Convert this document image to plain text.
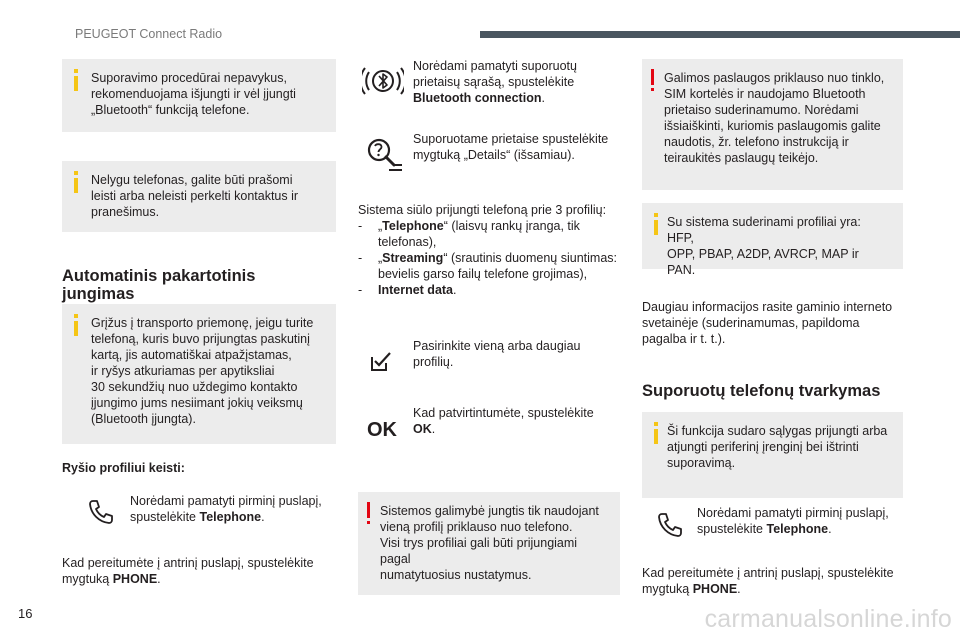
PEUGEOT Connect Radio
Suporavimo procedūrai nepavykus,
rekomenduojama išjungti ir vėl įjungti
„Bluetooth“ funkciją telefone.
Nelygu telefonas, galite būti prašomi
leisti arba neleisti perkelti kontaktus ir
pranešimus.
Automatinis pakartotinis
jungimas
Grįžus į transporto priemonę, jeigu turite
telefoną, kuris buvo prijungtas paskutinį
kartą, jis automatiškai atpažįstamas,
ir ryšys atkuriamas per apytiksliai
30 sekundžių nuo uždegimo kontakto
įjungimo jums nesiimant jokių veiksmų
(Bluetooth įjungta).
Ryšio profiliui keisti:
Norėdami pamatyti pirminį puslapį,
spustelėkite Telephone.
Kad pereitumėte į antrinį puslapį, spustelėkite
mygtuką PHONE.
Norėdami pamatyti suporuotų
prietaisų sąrašą, spustelėkite
Bluetooth connection.
Suporuotame prietaise spustelėkite
mygtuką „Details“ (išsamiau).
Sistema siūlo prijungti telefoną prie 3 profilių:
- „Telephone“ (laisvų rankų įranga, tik
telefonas),
- „Streaming“ (srautinis duomenų siuntimas:
bevielis garso failų telefone grojimas),
- Internet data.
Pasirinkite vieną arba daugiau
profilių.
OK
Kad patvirtintumėte, spustelėkite
OK.
Sistemos galimybė jungtis tik naudojant
vieną profilį priklauso nuo telefono.
Visi trys profiliai gali būti prijungiami pagal
numatytuosius nustatymus.
Galimos paslaugos priklauso nuo tinklo,
SIM kortelės ir naudojamo Bluetooth
prietaiso suderinamumo. Norėdami
išsiaiškinti, kuriomis paslaugomis galite
naudotis, žr. telefono instrukciją ir
teiraukitės paslaugų teikėjo.
Su sistema suderinami profiliai yra: HFP,
OPP, PBAP, A2DP, AVRCP, MAP ir PAN.
Daugiau informacijos rasite gaminio interneto
svetainėje (suderinamumas, papildoma
pagalba ir t. t.).
Suporuotų telefonų tvarkymas
Ši funkcija sudaro sąlygas prijungti arba
atjungti periferinį įrenginį bei ištrinti
suporavimą.
Norėdami pamatyti pirminį puslapį,
spustelėkite Telephone.
Kad pereitumėte į antrinį puslapį, spustelėkite
mygtuką PHONE.
16	carmanualsonline.info
